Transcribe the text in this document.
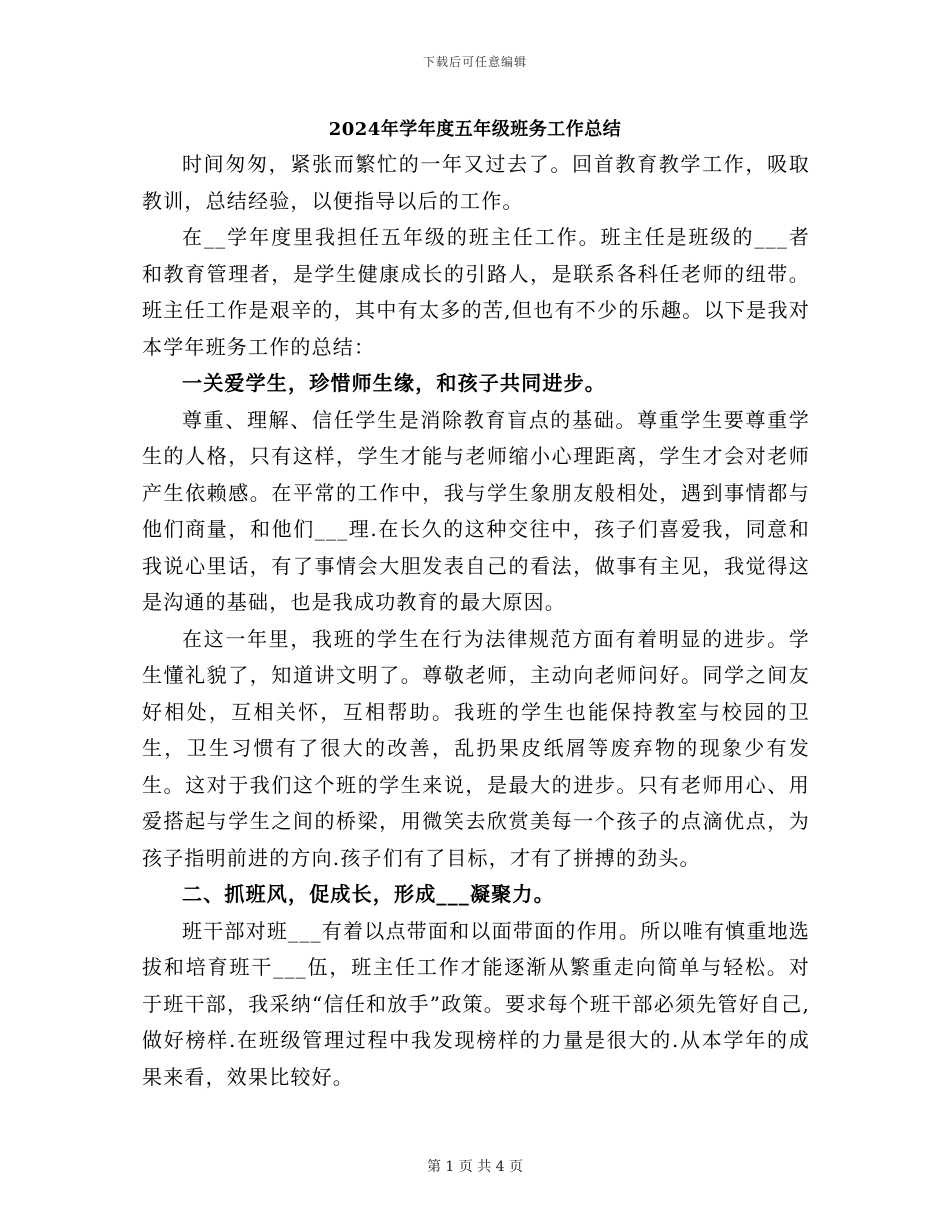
下载后可任意编辑
2024年学年度五年级班务工作总结

时间匆匆，紧张而繁忙的一年又过去了。回首教育教学工作，吸取教训，总结经验，以便指导以后的工作。

在__学年度里我担任五年级的班主任工作。班主任是班级的___者和教育管理者，是学生健康成长的引路人，是联系各科任老师的纽带。班主任工作是艰辛的，其中有太多的苦,但也有不少的乐趣。以下是我对本学年班务工作的总结：

一关爱学生，珍惜师生缘，和孩子共同进步。

尊重、理解、信任学生是消除教育盲点的基础。尊重学生要尊重学生的人格，只有这样，学生才能与老师缩小心理距离，学生才会对老师产生依赖感。在平常的工作中，我与学生象朋友般相处，遇到事情都与他们商量，和他们___理.在长久的这种交往中，孩子们喜爱我，同意和我说心里话，有了事情会大胆发表自己的看法，做事有主见，我觉得这是沟通的基础，也是我成功教育的最大原因。

在这一年里，我班的学生在行为法律规范方面有着明显的进步。学生懂礼貌了，知道讲文明了。尊敬老师，主动向老师问好。同学之间友好相处，互相关怀，互相帮助。我班的学生也能保持教室与校园的卫生，卫生习惯有了很大的改善，乱扔果皮纸屑等废弃物的现象少有发生。这对于我们这个班的学生来说，是最大的进步。只有老师用心、用爱搭起与学生之间的桥梁，用微笑去欣赏美每一个孩子的点滴优点，为孩子指明前进的方向.孩子们有了目标，才有了拼搏的劲头。

二、抓班风，促成长，形成___凝聚力。

班干部对班___有着以点带面和以面带面的作用。所以唯有慎重地选拔和培育班干___伍，班主任工作才能逐渐从繁重走向简单与轻松。对于班干部，我采纳“信任和放手”政策。要求每个班干部必须先管好自己,做好榜样.在班级管理过程中我发现榜样的力量是很大的.从本学年的成果来看，效果比较好。

第 1 页 共 4 页
